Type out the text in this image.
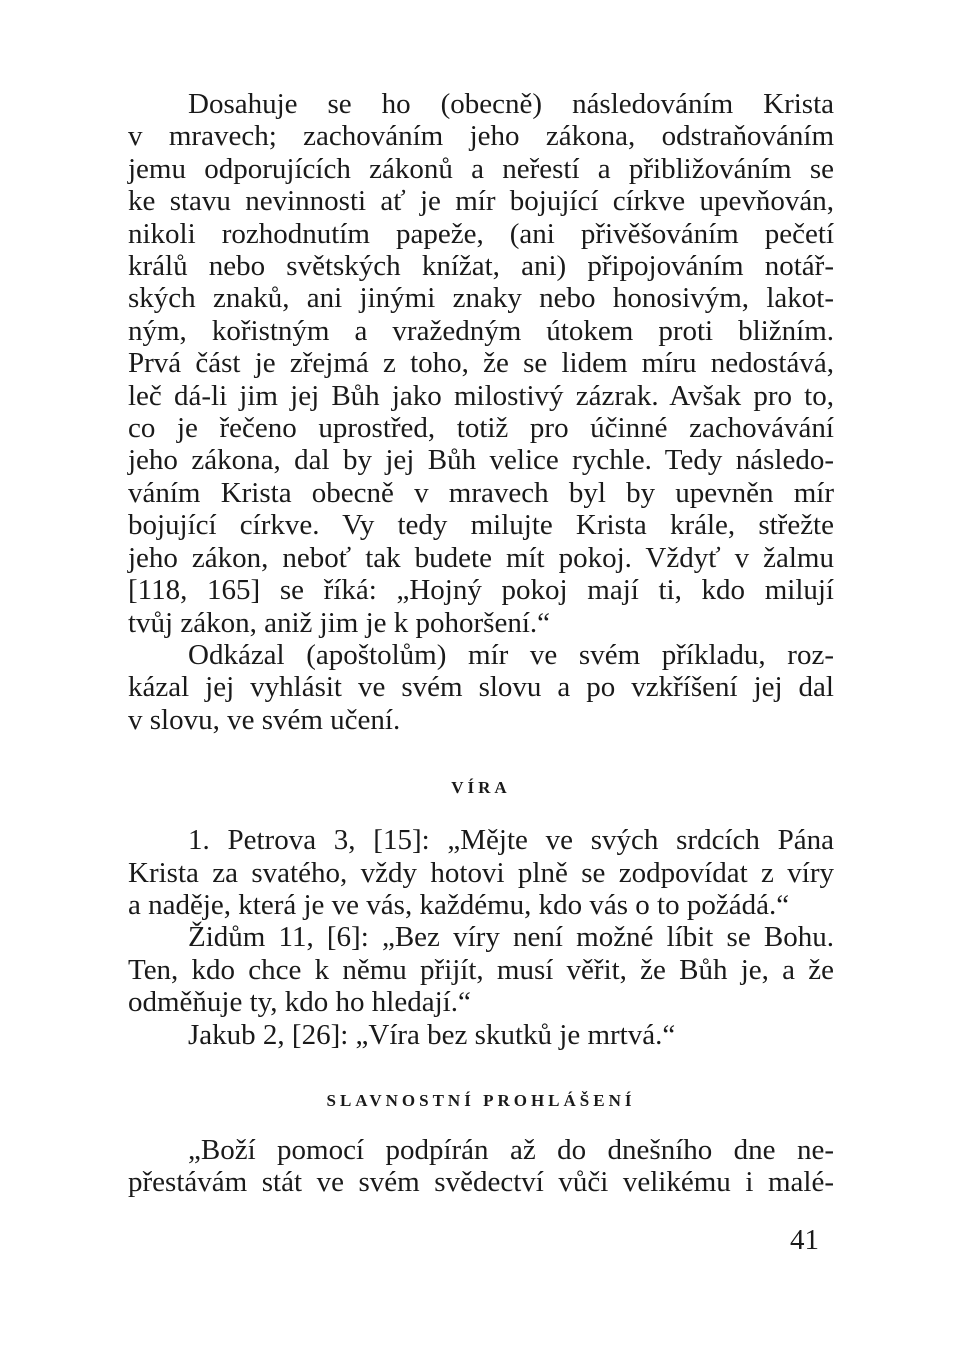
Dosahuje se ho (obecně) následováním Krista
v mravech; zachováním jeho zákona, odstraňováním
jemu odporujících zákonů a neřestí a přibližováním se
ke stavu nevinnosti ať je mír bojující církve upevňován,
nikoli rozhodnutím papeže, (ani přivěšováním pečetí
králů nebo světských knížat, ani) připojováním notář-
ských znaků, ani jinými znaky nebo honosivým, lakot-
ným, kořistným a vražedným útokem proti bližním.
Prvá část je zřejmá z toho, že se lidem míru nedostává,
leč dá-li jim jej Bůh jako milostivý zázrak. Avšak pro to,
co je řečeno uprostřed, totiž pro účinné zachovávání
jeho zákona, dal by jej Bůh velice rychle. Tedy následo-
váním Krista obecně v mravech byl by upevněn mír
bojující církve. Vy tedy milujte Krista krále, střežte
jeho zákon, neboť tak budete mít pokoj. Vždyť v žalmu
[118, 165] se říká: „Hojný pokoj mají ti, kdo milují
tvůj zákon, aniž jim je k pohoršení.“

Odkázal (apoštolům) mír ve svém příkladu, roz-
kázal jej vyhlásit ve svém slovu a po vzkříšení jej dal
v slovu, ve svém učení.

VÍRA

1. Petrova 3, [15]: „Mějte ve svých srdcích Pána
Krista za svatého, vždy hotovi plně se zodpovídat z víry
a naděje, která je ve vás, každému, kdo vás o to požádá.“

Židům 11, [6]: „Bez víry není možné líbit se Bohu.
Ten, kdo chce k němu přijít, musí věřit, že Bůh je, a že
odměňuje ty, kdo ho hledají.“

Jakub 2, [26]: „Víra bez skutků je mrtvá.“

SLAVNOSTNÍ PROHLÁŠENÍ

„Boží pomocí podpírán až do dnešního dne ne-
přestávám stát ve svém svědectví vůči velikému i malé-

41
